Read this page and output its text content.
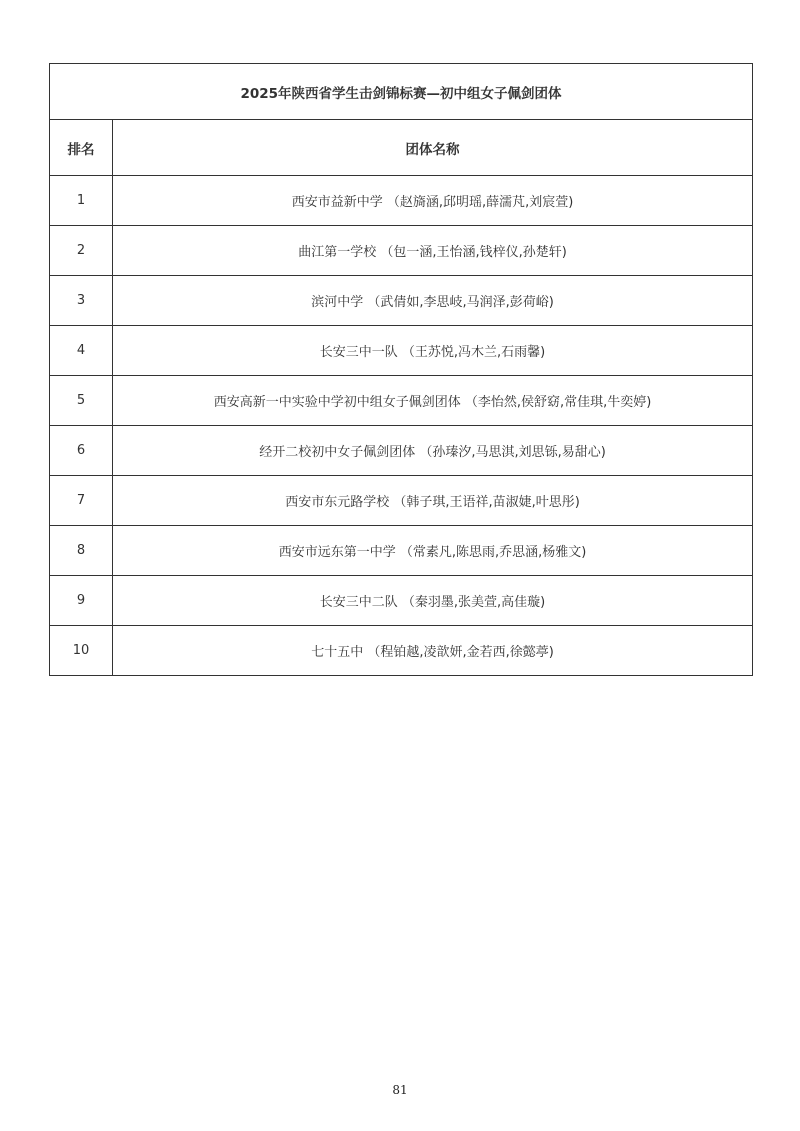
2025年陕西省学生击剑锦标赛—初中组女子佩剑团体	
排名	团体名称
1	西安市益新中学 （赵旖涵,邱明瑶,薛濡芃,刘宸萱)
2	曲江第一学校 （包一涵,王怡涵,钱梓仪,孙楚轩)
3	滨河中学 （武倩如,李思岐,马润泽,彭荷峪)
4	长安三中一队 （王苏悦,冯木兰,石雨馨)
5	西安高新一中实验中学初中组女子佩剑团体 （李怡然,侯舒窈,常佳琪,牛奕婷)
6	经开二校初中女子佩剑团体 （孙瑧汐,马思淇,刘思铄,易甜心)
7	西安市东元路学校 （韩子琪,王语祥,苗淑婕,叶思彤)
8	西安市远东第一中学 （常素凡,陈思雨,乔思涵,杨雅文)
9	长安三中二队 （秦羽墨,张美萱,高佳璇)
10	七十五中 （程铂越,凌歆妍,金若西,徐懿葶)
81
